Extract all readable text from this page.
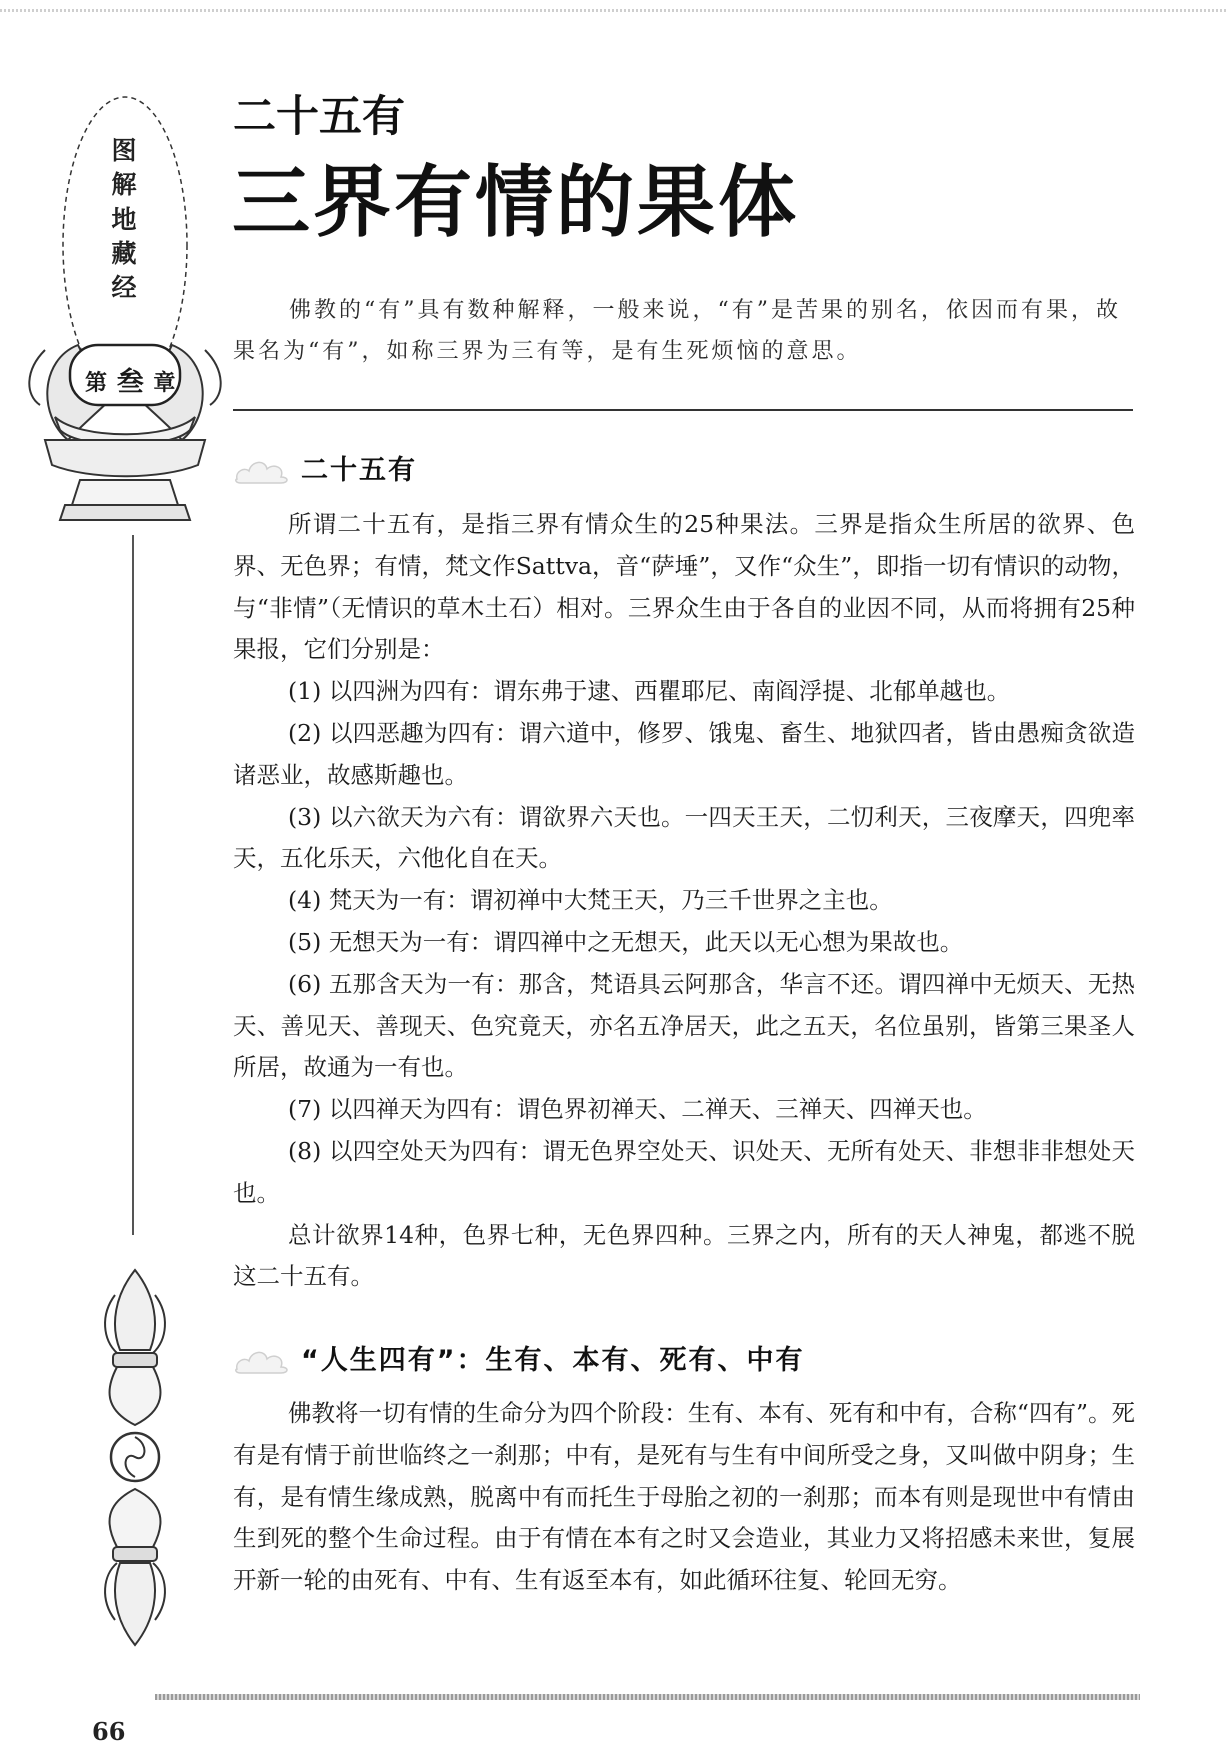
图
解
地
藏
经
第 叁 章
二十五有
三界有情的果体

佛教的“有”具有数种解释，一般来说，“有”是苦果的别名，依因而有果，故果名为“有”，如称三界为三有等，是有生死烦恼的意思。

二十五有

所谓二十五有，是指三界有情众生的25种果法。三界是指众生所居的欲界、色界、无色界；有情，梵文作Sattva，音“萨埵”，又作“众生”，即指一切有情识的动物，与“非情”（无情识的草木土石）相对。三界众生由于各自的业因不同，从而将拥有25种果报，它们分别是：

(1) 以四洲为四有：谓东弗于逮、西瞿耶尼、南阎浮提、北郁单越也。

(2) 以四恶趣为四有：谓六道中，修罗、饿鬼、畜生、地狱四者，皆由愚痴贪欲造诸恶业，故感斯趣也。

(3) 以六欲天为六有：谓欲界六天也。一四天王天，二忉利天，三夜摩天，四兜率天，五化乐天，六他化自在天。

(4) 梵天为一有：谓初禅中大梵王天，乃三千世界之主也。

(5) 无想天为一有：谓四禅中之无想天，此天以无心想为果故也。

(6) 五那含天为一有：那含，梵语具云阿那含，华言不还。谓四禅中无烦天、无热天、善见天、善现天、色究竟天，亦名五净居天，此之五天，名位虽别，皆第三果圣人所居，故通为一有也。

(7) 以四禅天为四有：谓色界初禅天、二禅天、三禅天、四禅天也。

(8) 以四空处天为四有：谓无色界空处天、识处天、无所有处天、非想非非想处天也。

总计欲界14种，色界七种，无色界四种。三界之内，所有的天人神鬼，都逃不脱这二十五有。

“人生四有”：生有、本有、死有、中有

佛教将一切有情的生命分为四个阶段：生有、本有、死有和中有，合称“四有”。死有是有情于前世临终之一刹那；中有，是死有与生有中间所受之身，又叫做中阴身；生有，是有情生缘成熟，脱离中有而托生于母胎之初的一刹那；而本有则是现世中有情由生到死的整个生命过程。由于有情在本有之时又会造业，其业力又将招感未来世，复展开新一轮的由死有、中有、生有返至本有，如此循环往复、轮回无穷。

66
